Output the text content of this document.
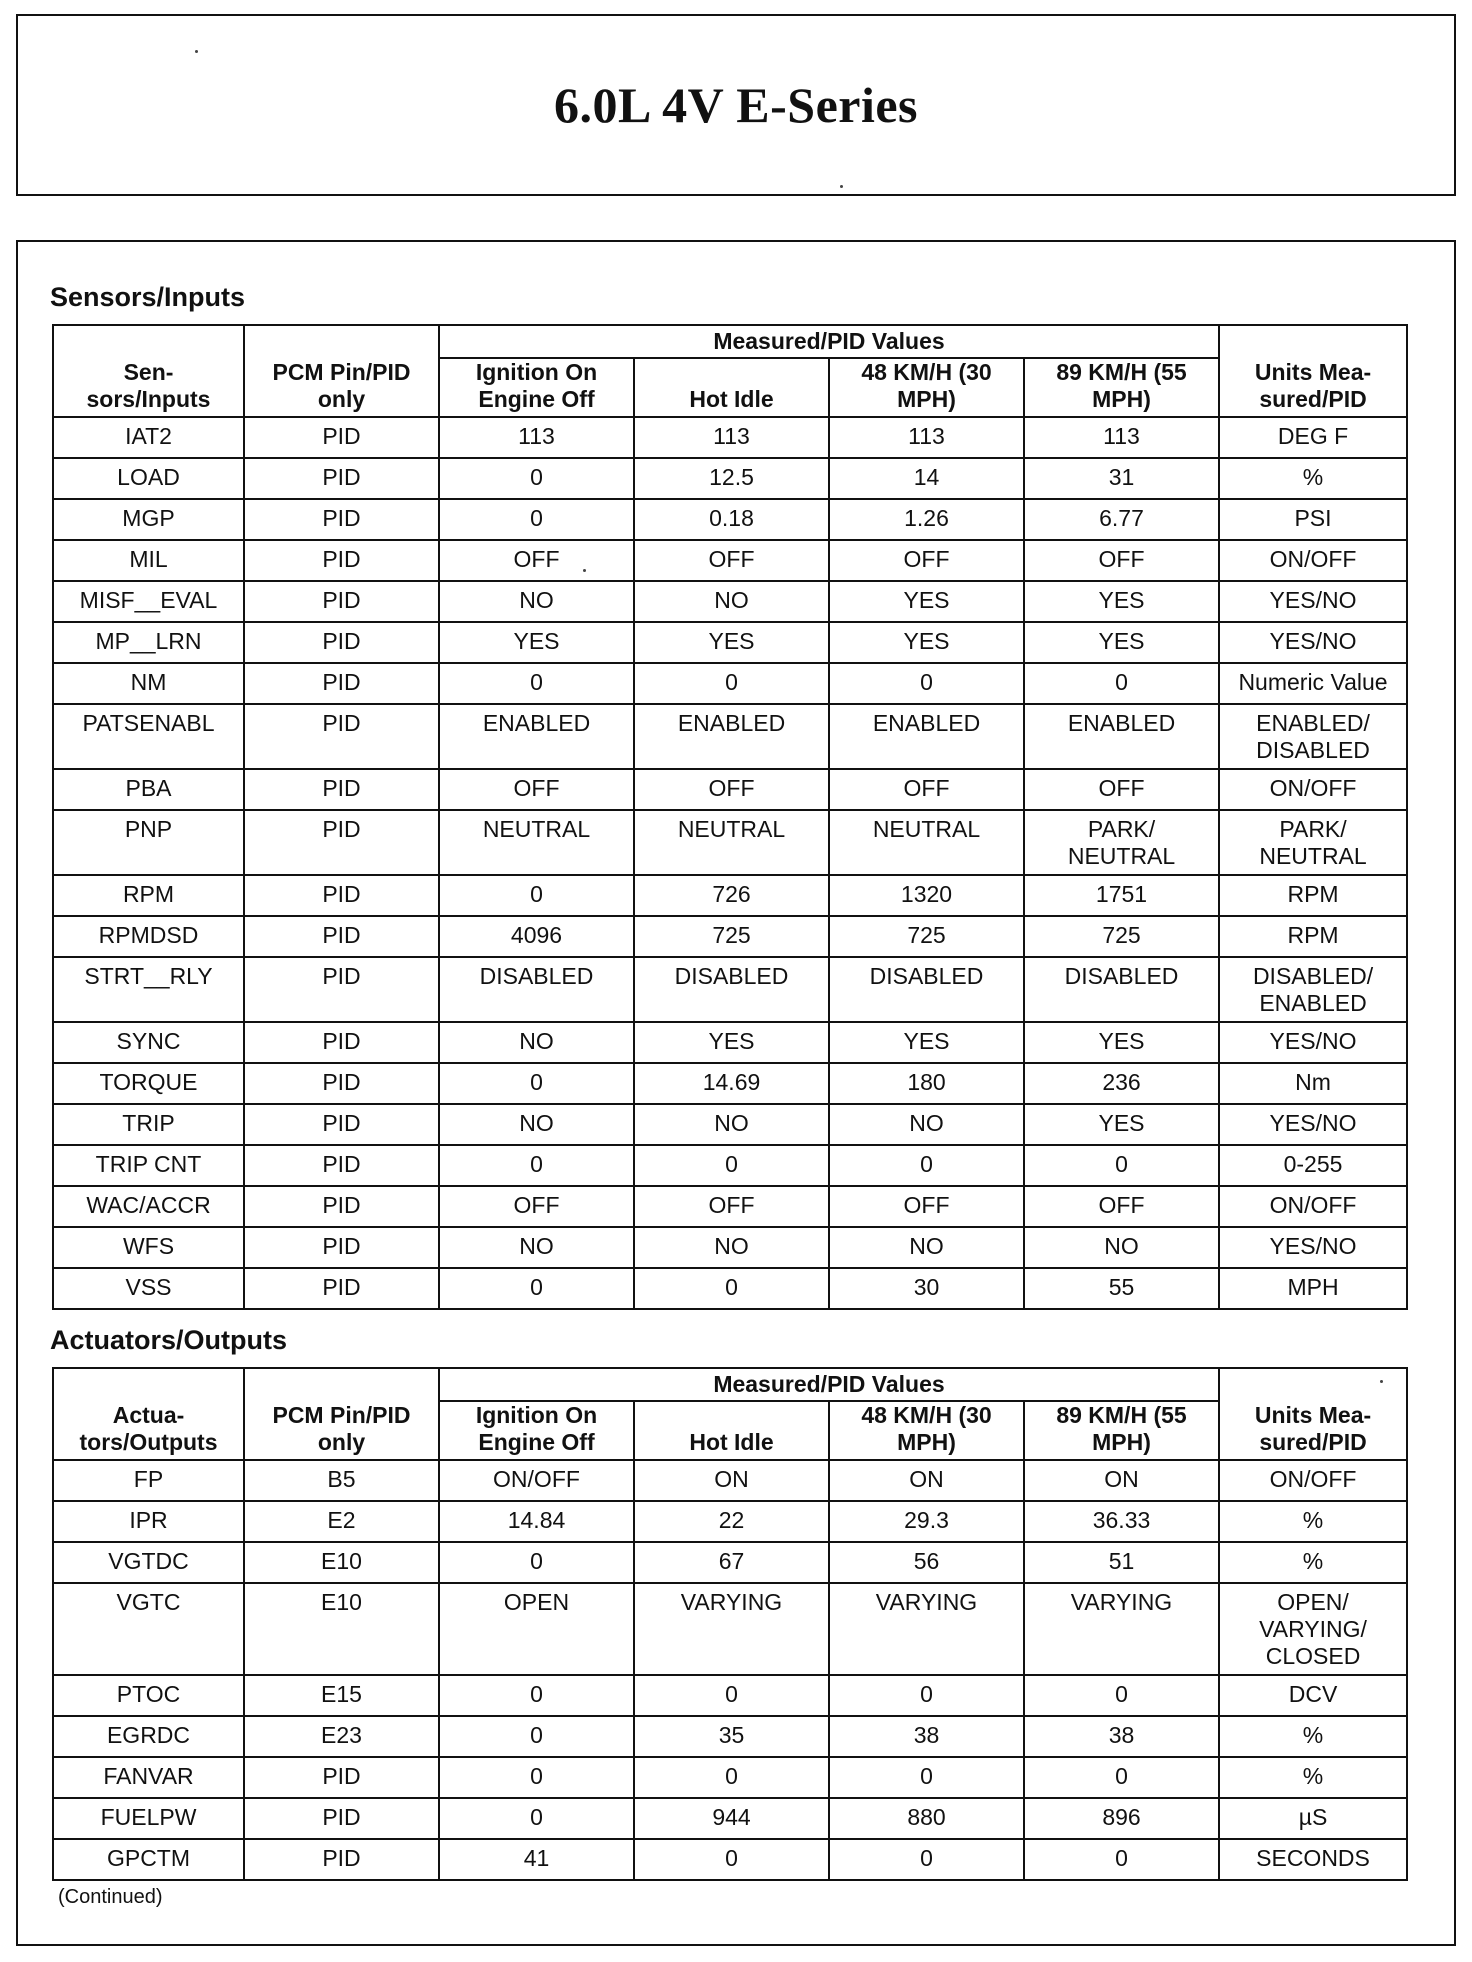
6.0L 4V E-Series
Sensors/Inputs
Sen-
sors/Inputs	PCM Pin/PID
only	Measured/PID Values				Units Mea-
sured/PID
		Ignition On
Engine Off	Hot Idle	48 KM/H (30
MPH)	89 KM/H (55
MPH)	
IAT2	PID	113	113	113	113	DEG F
LOAD	PID	0	12.5	14	31	%
MGP	PID	0	0.18	1.26	6.77	PSI
MIL	PID	OFF	OFF	OFF	OFF	ON/OFF
MISF__EVAL	PID	NO	NO	YES	YES	YES/NO
MP__LRN	PID	YES	YES	YES	YES	YES/NO
NM	PID	0	0	0	0	Numeric Value
PATSENABL	PID	ENABLED	ENABLED	ENABLED	ENABLED	ENABLED/
DISABLED
PBA	PID	OFF	OFF	OFF	OFF	ON/OFF
PNP	PID	NEUTRAL	NEUTRAL	NEUTRAL	PARK/
NEUTRAL	PARK/
NEUTRAL
RPM	PID	0	726	1320	1751	RPM
RPMDSD	PID	4096	725	725	725	RPM
STRT__RLY	PID	DISABLED	DISABLED	DISABLED	DISABLED	DISABLED/
ENABLED
SYNC	PID	NO	YES	YES	YES	YES/NO
TORQUE	PID	0	14.69	180	236	Nm
TRIP	PID	NO	NO	NO	YES	YES/NO
TRIP CNT	PID	0	0	0	0	0-255
WAC/ACCR	PID	OFF	OFF	OFF	OFF	ON/OFF
WFS	PID	NO	NO	NO	NO	YES/NO
VSS	PID	0	0	30	55	MPH
Actuators/Outputs
Actua-
tors/Outputs	PCM Pin/PID
only	Measured/PID Values				Units Mea-
sured/PID
		Ignition On
Engine Off	Hot Idle	48 KM/H (30
MPH)	89 KM/H (55
MPH)	
FP	B5	ON/OFF	ON	ON	ON	ON/OFF
IPR	E2	14.84	22	29.3	36.33	%
VGTDC	E10	0	67	56	51	%
VGTC	E10	OPEN	VARYING	VARYING	VARYING	OPEN/
VARYING/
CLOSED
PTOC	E15	0	0	0	0	DCV
EGRDC	E23	0	35	38	38	%
FANVAR	PID	0	0	0	0	%
FUELPW	PID	0	944	880	896	µS
GPCTM	PID	41	0	0	0	SECONDS

(Continued)
